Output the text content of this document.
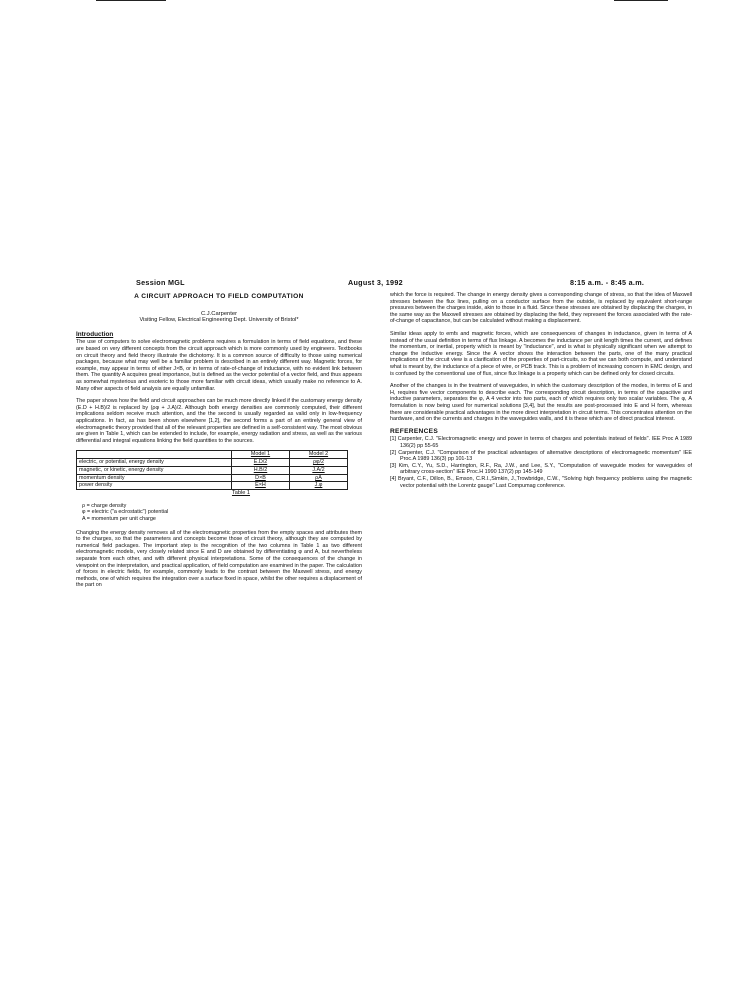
Session MGL	August 3, 1992	8:15 a.m. - 8:45 a.m.
A CIRCUIT APPROACH TO FIELD COMPUTATION
C.J.Carpenter
Visiting Fellow, Electrical Engineering Dept. University of Bristol*
Introduction

The use of computers to solve electromagnetic problems requires a formulation in terms of field equations, and these are based on very different concepts from the circuit approach which is more commonly used by engineers. Textbooks on circuit theory and field theory illustrate the dichotomy. It is a common source of difficulty to those using numerical packages, because what may well be a familiar problem is described in an entirely different way. Magnetic forces, for example, may appear in terms of either J×B, or in terms of rate-of-change of inductance, with no evident link between them. The quantity A acquires great importance, but is defined as the vector potential of a vector field, and thus appears as somewhat mysterious and esoteric to those more familiar with circuit ideas, which usually make no reference to A. Many other aspects of field analysis are equally unfamiliar.

The paper shows how the field and circuit approaches can be much more directly linked if the customary energy density (E.D + H.B)/2 is replaced by (ρφ + J.A)/2. Although both energy densities are commonly computed, their different implications seldom receive much attention, and the the second is usually regarded as valid only in low-frequency applications. In fact, as has been shown elsewhere [1,2], the second forms a part of an entirely general view of electromagnetic theory provided that all of the relevant properties are defined in a self-consistent way. The most obvious are given in Table 1, which can be extended to include, for example, energy radiation and stress, as well as the various differential and integral equations linking the field quantities to the sources.

	Model 1	Model 2
electric, or potential, energy density	E.D/2	ρφ/2
magnetic, or kinetic, energy density	H.B/2	J.A/2
momentum density	D×B	ρA
power density	E×H	J.φ
Table 1
ρ = charge density
φ = electric ("a eclrostatic") potential
A = momentum per unit charge

Changing the energy density removes all of the electromagnetic properties from the empty spaces and attributes them to the charges, so that the parameters and concepts become those of circuit theory, although they are computed by numerical field packages. The important step is the recognition of the two columns in Table 1 as two different electromagnetic models, very closely related since E and D are obtained by differentiating φ and A, but nevertheless separate from each other, and with different physical interpretations. Some of the consequences of the change in viewpoint on the interpretation, and practical application, of field computation are examined in the paper. The calculation of forces in electric fields, for example, commonly leads to the contrast between the Maxwell stress, and energy methods, one of which requires the integration over a surface fixed in space, whilst the other requires a displacement of the part on

which the force is required. The change in energy density gives a corresponding change of stress, so that the idea of Maxwell stresses between the flux lines, pulling on a conductor surface from the outside, is replaced by equivalent short-range pressures between the charges inside, akin to those in a fluid. Since these stresses are obtained by displacing the charges, in the same way as the Maxwell stresses are obtained by displacing the field, they represent the forces associated with the rate-of-change of capacitance, but can be calculated without making a displacement.

Similar ideas apply to emfs and magnetic forces, which are consequences of changes in inductance, given in terms of A instead of the usual definition in terms of flux linkage. A becomes the inductance per unit length times the current, and defines the momentum, or inertial, property which is meant by "inductance", and is what is physically significant when we attempt to change the inductive energy. Since the A vector shows the interaction between the parts, one of the many practical implications of the circuit view is a clarification of the properties of part-circuits, so that we can both compute, and understand what is meant by, the inductance of a piece of wire, or PCB track. This is a problem of increasing concern in EMC design, and is confused by the conventional use of flux, since flux linkage is a property which can be defined only for closed circuits.

Another of the changes is in the treatment of waveguides, in which the customary description of the modes, in terms of E and H, requires five vector components to describe each. The corresponding circuit description, in terms of the capacitive and inductive parameters, separates the φ, A 4 vector into two parts, each of which requires only two scalar variables. The φ, A formulation is now being used for numerical solutions [3,4], but the results are post-processed into E and H form, whereas there are considerable practical advantages in the more direct interpretation in circuit terms. This concentrates attention on the hardware, and on the currents and charges in the waveguides walls, and it is these which are of direct practical interest.

REFERENCES
[1] Carpenter, C.J. "Electromagnetic energy and power in terms of charges and potentials instead of fields". IEE Proc A 1989 136(2) pp 55-65
[2] Carpenter, C.J. "Comparison of the practical advantages of alternative descriptions of electromagnetic momentum" IEE Proc.A 1989 136(3) pp 101-13
[3] Kim, C.Y., Yu, S.D., Harrington, R.F., Ra, J.W., and Lee, S.Y., "Computation of waveguide modes for waveguides of arbitrary cross-section" IEE Proc.H 1990 137(2) pp 145-149
[4] Bryant, C.F., Dillon, B., Emson, C.R.I.,Simkin, J.,Trowbridge, C.W., "Solving high frequency problems using the magnetic vector potential with the Lorentz gauge" Last Compumag conference.
